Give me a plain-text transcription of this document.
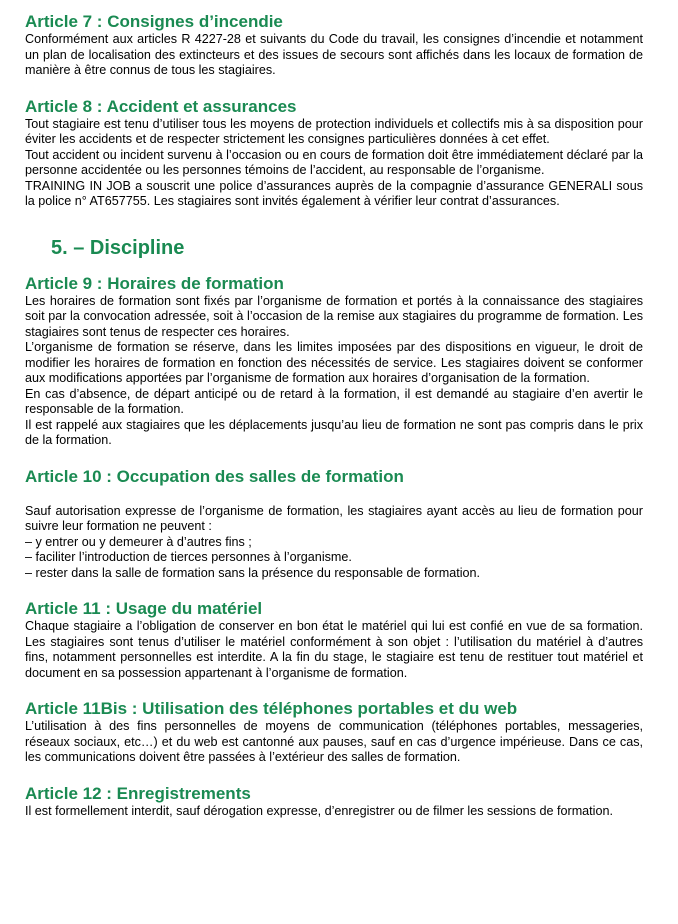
Article 7 : Consignes d’incendie

Conformément aux articles R 4227-28 et suivants du Code du travail, les consignes d’incendie et notamment un plan de localisation des extincteurs et des issues de secours sont affichés dans les locaux de formation de manière à être connus de tous les stagiaires.

Article 8 : Accident et assurances

Tout stagiaire est tenu d’utiliser tous les moyens de protection individuels et collectifs mis à sa disposition pour éviter les accidents et de respecter strictement les consignes particulières données à cet effet.

Tout accident ou incident survenu à l’occasion ou en cours de formation doit être immédiatement déclaré par la personne accidentée ou les personnes témoins de l’accident, au responsable de l’organisme.

TRAINING IN JOB a souscrit une police d’assurances auprès de la compagnie d’assurance GENERALI sous la police n° AT657755. Les stagiaires sont invités également à vérifier leur contrat d’assurances.

5. – Discipline
Article 9 : Horaires de formation

Les horaires de formation sont fixés par l’organisme de formation et portés à la connaissance des stagiaires soit par la convocation adressée, soit à l’occasion de la remise aux stagiaires du programme de formation. Les stagiaires sont tenus de respecter ces horaires.

L’organisme de formation se réserve, dans les limites imposées par des dispositions en vigueur, le droit de modifier les horaires de formation en fonction des nécessités de service. Les stagiaires doivent se conformer aux modifications apportées par l’organisme de formation aux horaires d’organisation de la formation.

En cas d’absence, de départ anticipé ou de retard à la formation, il est demandé au stagiaire d’en avertir le responsable de la formation.

Il est rappelé aux stagiaires que les déplacements jusqu’au lieu de formation ne sont pas compris dans le prix de la formation.

Article 10 : Occupation des salles de formation

Sauf autorisation expresse de l’organisme de formation, les stagiaires ayant accès au lieu de formation pour suivre leur formation ne peuvent :

– y entrer ou y demeurer à d’autres fins ;

– faciliter l’introduction de tierces personnes à l’organisme.

– rester dans la salle de formation sans la présence du responsable de formation.

Article 11 : Usage du matériel

Chaque stagiaire a l’obligation de conserver en bon état le matériel qui lui est confié en vue de sa formation. Les stagiaires sont tenus d’utiliser le matériel conformément à son objet : l’utilisation du matériel à d’autres fins, notamment personnelles est interdite. A la fin du stage, le stagiaire est tenu de restituer tout matériel et document en sa possession appartenant à l’organisme de formation.

Article 11Bis : Utilisation des téléphones portables et du web

L’utilisation à des fins personnelles de moyens de communication (téléphones portables, messageries, réseaux sociaux, etc…) et du web est cantonné aux pauses, sauf en cas d’urgence impérieuse. Dans ce cas, les communications doivent être passées à l’extérieur des salles de formation.

Article 12 : Enregistrements

Il est formellement interdit, sauf dérogation expresse, d’enregistrer ou de filmer les sessions de formation.
